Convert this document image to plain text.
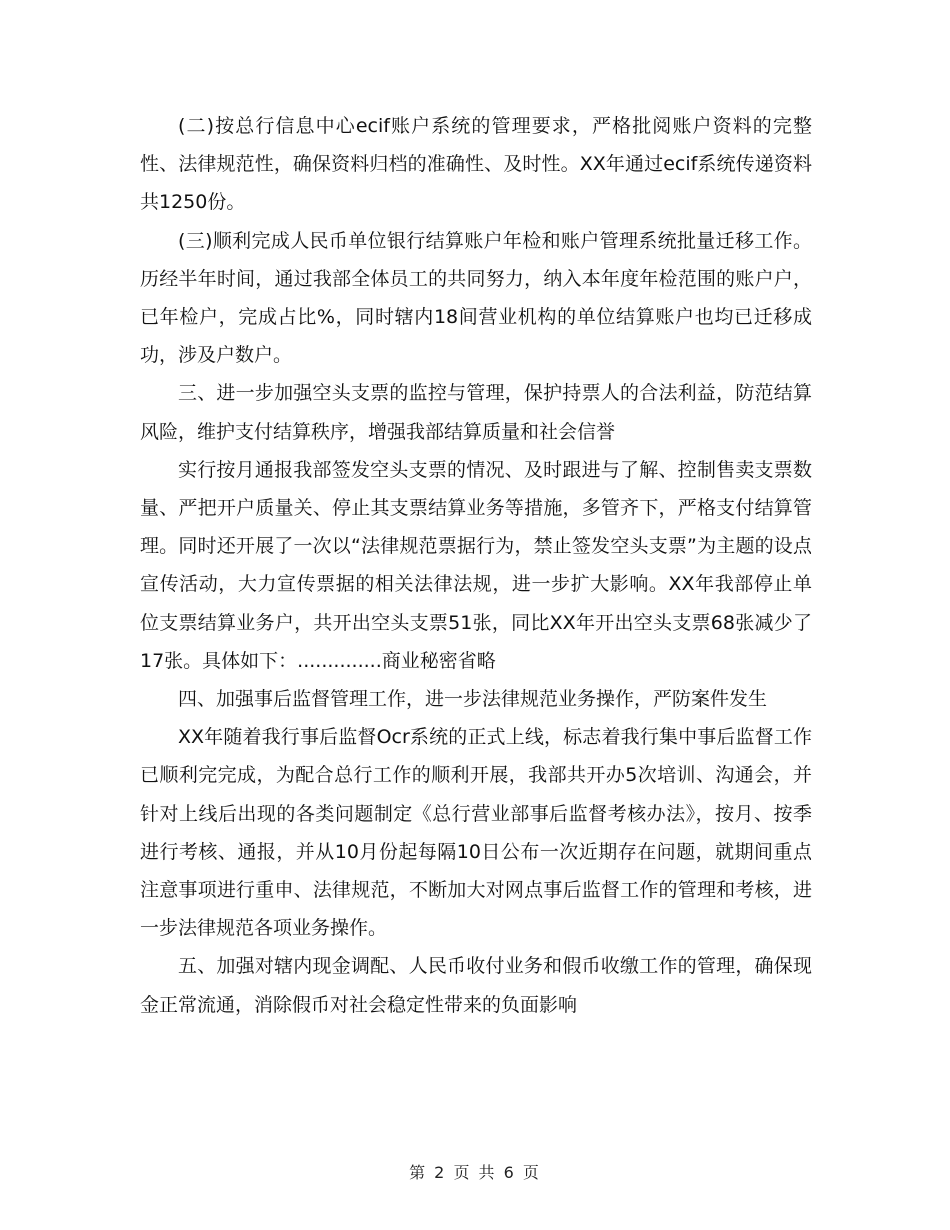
(二)按总行信息中心ecif账户系统的管理要求，严格批阅账户资料的完整性、法律规范性，确保资料归档的准确性、及时性。XX年通过ecif系统传递资料共1250份。

(三)顺利完成人民币单位银行结算账户年检和账户管理系统批量迁移工作。历经半年时间，通过我部全体员工的共同努力，纳入本年度年检范围的账户户，已年检户，完成占比%，同时辖内18间营业机构的单位结算账户也均已迁移成功，涉及户数户。

三、进一步加强空头支票的监控与管理，保护持票人的合法利益，防范结算风险，维护支付结算秩序，增强我部结算质量和社会信誉

实行按月通报我部签发空头支票的情况、及时跟进与了解、控制售卖支票数量、严把开户质量关、停止其支票结算业务等措施，多管齐下，严格支付结算管理。同时还开展了一次以“法律规范票据行为，禁止签发空头支票”为主题的设点宣传活动，大力宣传票据的相关法律法规，进一步扩大影响。XX年我部停止单位支票结算业务户，共开出空头支票51张，同比XX年开出空头支票68张减少了17张。具体如下：..............商业秘密省略

四、加强事后监督管理工作，进一步法律规范业务操作，严防案件发生

XX年随着我行事后监督Ocr系统的正式上线，标志着我行集中事后监督工作已顺利完完成，为配合总行工作的顺利开展，我部共开办5次培训、沟通会，并针对上线后出现的各类问题制定《总行营业部事后监督考核办法》，按月、按季进行考核、通报，并从10月份起每隔10日公布一次近期存在问题，就期间重点注意事项进行重申、法律规范，不断加大对网点事后监督工作的管理和考核，进一步法律规范各项业务操作。

五、加强对辖内现金调配、人民币收付业务和假币收缴工作的管理，确保现金正常流通，消除假币对社会稳定性带来的负面影响

第 2 页 共 6 页
